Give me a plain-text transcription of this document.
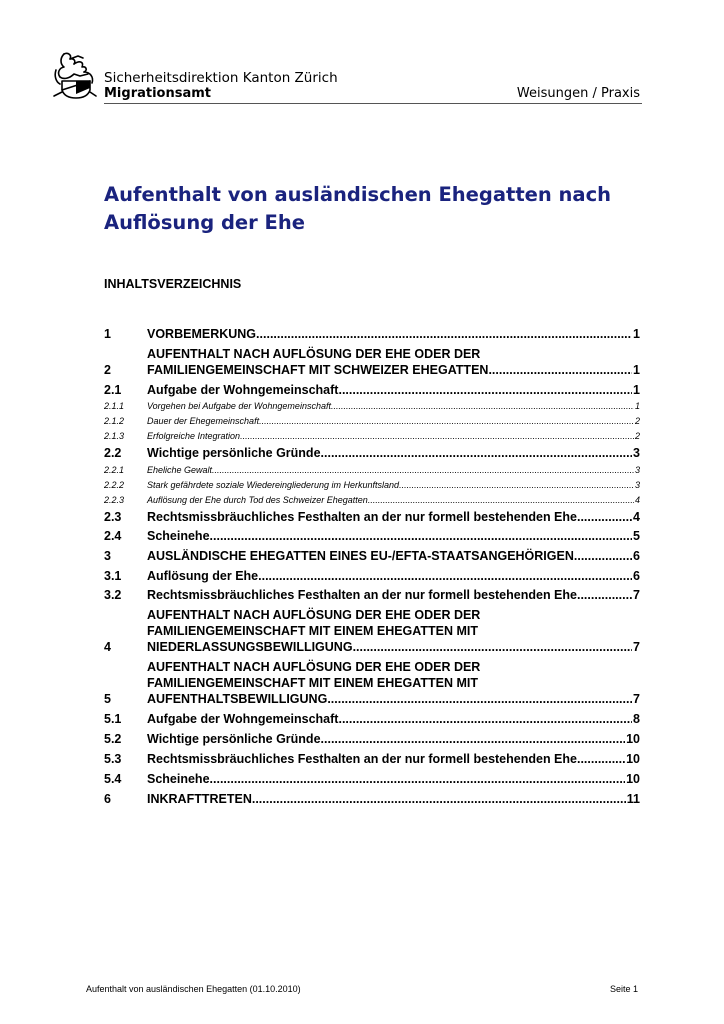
Sicherheitsdirektion Kanton Zürich
Migrationsamt	Weisungen / Praxis
Aufenthalt von ausländischen Ehegatten nach Auflösung der Ehe
INHALTSVERZEICHNIS
1	VORBEMERKUNG .....	1
2
AUFENTHALT NACH AUFLÖSUNG DER EHE ODER DER
FAMILIENGEMEINSCHAFT MIT SCHWEIZER EHEGATTEN .....	1
2.1	Aufgabe der Wohngemeinschaft .....	1
2.1.1	Vorgehen bei Aufgabe der Wohngemeinschaft .....	1
2.1.2	Dauer der Ehegemeinschaft .....	2
2.1.3	Erfolgreiche Integration .....	2
2.2	Wichtige persönliche Gründe .....	3
2.2.1	Eheliche Gewalt .....	3
2.2.2	Stark gefährdete soziale Wiedereingliederung im Herkunftsland .....	3
2.2.3	Auflösung der Ehe durch Tod des Schweizer Ehegatten .....	4
2.3	Rechtsmissbräuchliches Festhalten an der nur formell bestehenden Ehe .....	4
2.4	Scheinehe .....	5
3	AUSLÄNDISCHE EHEGATTEN EINES EU-/EFTA-STAATSANGEHÖRIGEN .....	6
3.1	Auflösung der Ehe .....	6
3.2	Rechtsmissbräuchliches Festhalten an der nur formell bestehenden Ehe .....	7
4
AUFENTHALT NACH AUFLÖSUNG DER EHE ODER DER
FAMILIENGEMEINSCHAFT MIT EINEM EHEGATTEN MIT
NIEDERLASSUNGSBEWILLIGUNG .....	7
5
AUFENTHALT NACH AUFLÖSUNG DER EHE ODER DER
FAMILIENGEMEINSCHAFT MIT EINEM EHEGATTEN MIT
AUFENTHALTSBEWILLIGUNG .....	7
5.1	Aufgabe der Wohngemeinschaft .....	8
5.2	Wichtige persönliche Gründe .....	10
5.3	Rechtsmissbräuchliches Festhalten an der nur formell bestehenden Ehe .....	10
5.4	Scheinehe .....	10
6	INKRAFTTRETEN .....	11
Aufenthalt von ausländischen Ehegatten (01.10.2010)	Seite 1
